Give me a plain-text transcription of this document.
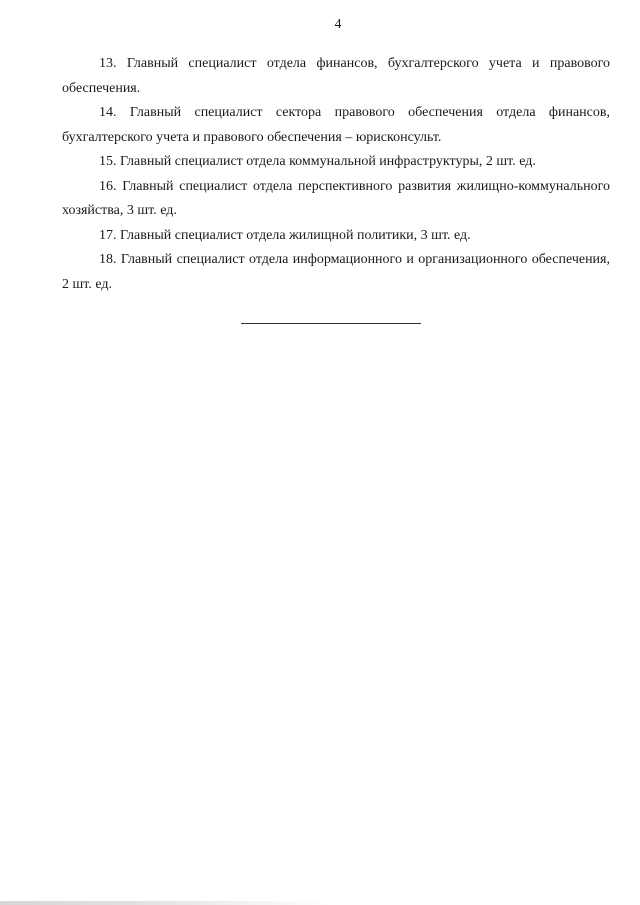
4

13. Главный специалист отдела финансов, бухгалтерского учета и правового обеспечения.

14. Главный специалист сектора правового обеспечения отдела финансов, бухгалтерского учета и правового обеспечения – юрисконсульт.

15. Главный специалист отдела коммунальной инфраструктуры, 2 шт. ед.

16. Главный специалист отдела перспективного развития жилищно-коммунального хозяйства, 3 шт. ед.

17. Главный специалист отдела жилищной политики, 3 шт. ед.

18. Главный специалист отдела информационного и организационного обеспечения, 2 шт. ед.
